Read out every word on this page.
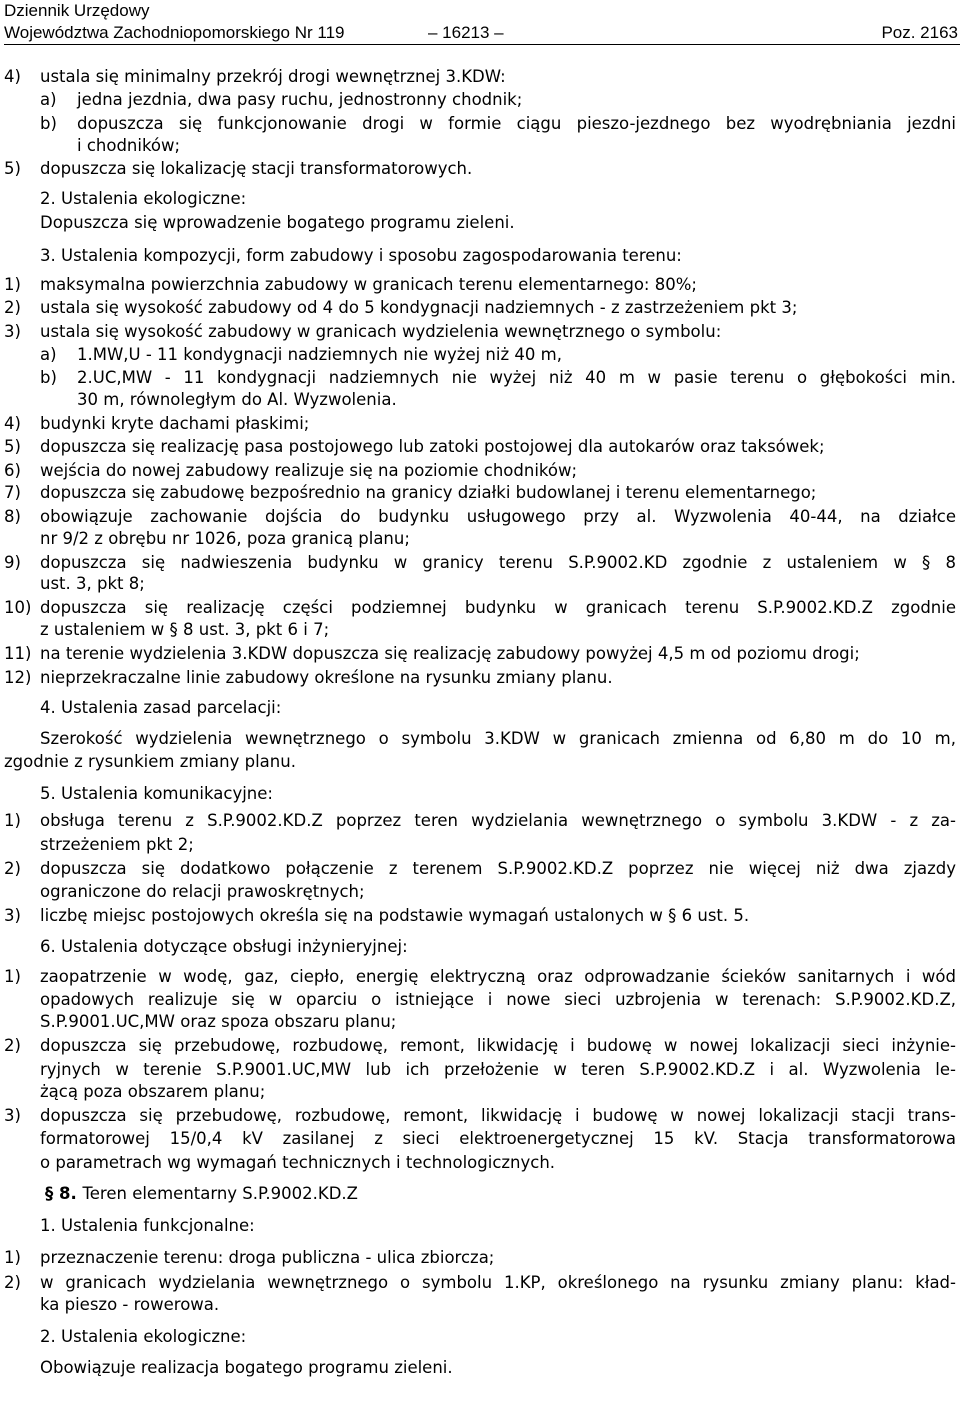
Dziennik Urzędowy
Województwa Zachodniopomorskiego Nr 119	– 16213 –	Poz. 2163
4) ustala się minimalny przekrój drogi wewnętrznej 3.KDW:
a) jedna jezdnia, dwa pasy ruchu, jednostronny chodnik;
b) dopuszcza się funkcjonowanie drogi w formie ciągu pieszo-jezdnego bez wyodrębniania jezdni
i chodników;
5) dopuszcza się lokalizację stacji transformatorowych.
2. Ustalenia ekologiczne:
Dopuszcza się wprowadzenie bogatego programu zieleni.
3. Ustalenia kompozycji, form zabudowy i sposobu zagospodarowania terenu:
1) maksymalna powierzchnia zabudowy w granicach terenu elementarnego: 80%;
2) ustala się wysokość zabudowy od 4 do 5 kondygnacji nadziemnych - z zastrzeżeniem pkt 3;
3) ustala się wysokość zabudowy w granicach wydzielenia wewnętrznego o symbolu:
a) 1.MW,U - 11 kondygnacji nadziemnych nie wyżej niż 40 m,
b) 2.UC,MW - 11 kondygnacji nadziemnych nie wyżej niż 40 m w pasie terenu o głębokości min.
30 m, równoległym do Al. Wyzwolenia.
4) budynki kryte dachami płaskimi;
5) dopuszcza się realizację pasa postojowego lub zatoki postojowej dla autokarów oraz taksówek;
6) wejścia do nowej zabudowy realizuje się na poziomie chodników;
7) dopuszcza się zabudowę bezpośrednio na granicy działki budowlanej i terenu elementarnego;
8) obowiązuje zachowanie dojścia do budynku usługowego przy al. Wyzwolenia 40-44, na działce
nr 9/2 z obrębu nr 1026, poza granicą planu;
9) dopuszcza się nadwieszenia budynku w granicy terenu S.P.9002.KD zgodnie z ustaleniem w § 8
ust. 3, pkt 8;
10) dopuszcza się realizację części podziemnej budynku w granicach terenu S.P.9002.KD.Z zgodnie
z ustaleniem w § 8 ust. 3, pkt 6 i 7;
11) na terenie wydzielenia 3.KDW dopuszcza się realizację zabudowy powyżej 4,5 m od poziomu drogi;
12) nieprzekraczalne linie zabudowy określone na rysunku zmiany planu.
4. Ustalenia zasad parcelacji:
Szerokość wydzielenia wewnętrznego o symbolu 3.KDW w granicach zmienna od 6,80 m do 10 m,
zgodnie z rysunkiem zmiany planu.
5. Ustalenia komunikacyjne:
1) obsługa terenu z S.P.9002.KD.Z poprzez teren wydzielania wewnętrznego o symbolu 3.KDW - z za-
strzeżeniem pkt 2;
2) dopuszcza się dodatkowo połączenie z terenem S.P.9002.KD.Z poprzez nie więcej niż dwa zjazdy
ograniczone do relacji prawoskrętnych;
3) liczbę miejsc postojowych określa się na podstawie wymagań ustalonych w § 6 ust. 5.
6. Ustalenia dotyczące obsługi inżynieryjnej:
1) zaopatrzenie w wodę, gaz, ciepło, energię elektryczną oraz odprowadzanie ścieków sanitarnych i wód
opadowych realizuje się w oparciu o istniejące i nowe sieci uzbrojenia w terenach: S.P.9002.KD.Z,
S.P.9001.UC,MW oraz spoza obszaru planu;
2) dopuszcza się przebudowę, rozbudowę, remont, likwidację i budowę w nowej lokalizacji sieci inżynie-
ryjnych w terenie S.P.9001.UC,MW lub ich przełożenie w teren S.P.9002.KD.Z i al. Wyzwolenia le-
żącą poza obszarem planu;
3) dopuszcza się przebudowę, rozbudowę, remont, likwidację i budowę w nowej lokalizacji stacji trans-
formatorowej 15/0,4 kV zasilanej z sieci elektroenergetycznej 15 kV. Stacja transformatorowa
o parametrach wg wymagań technicznych i technologicznych.
§ 8. Teren elementarny S.P.9002.KD.Z
1. Ustalenia funkcjonalne:
1) przeznaczenie terenu: droga publiczna - ulica zbiorcza;
2) w granicach wydzielania wewnętrznego o symbolu 1.KP, określonego na rysunku zmiany planu: kład-
ka pieszo - rowerowa.
2. Ustalenia ekologiczne:
Obowiązuje realizacja bogatego programu zieleni.
